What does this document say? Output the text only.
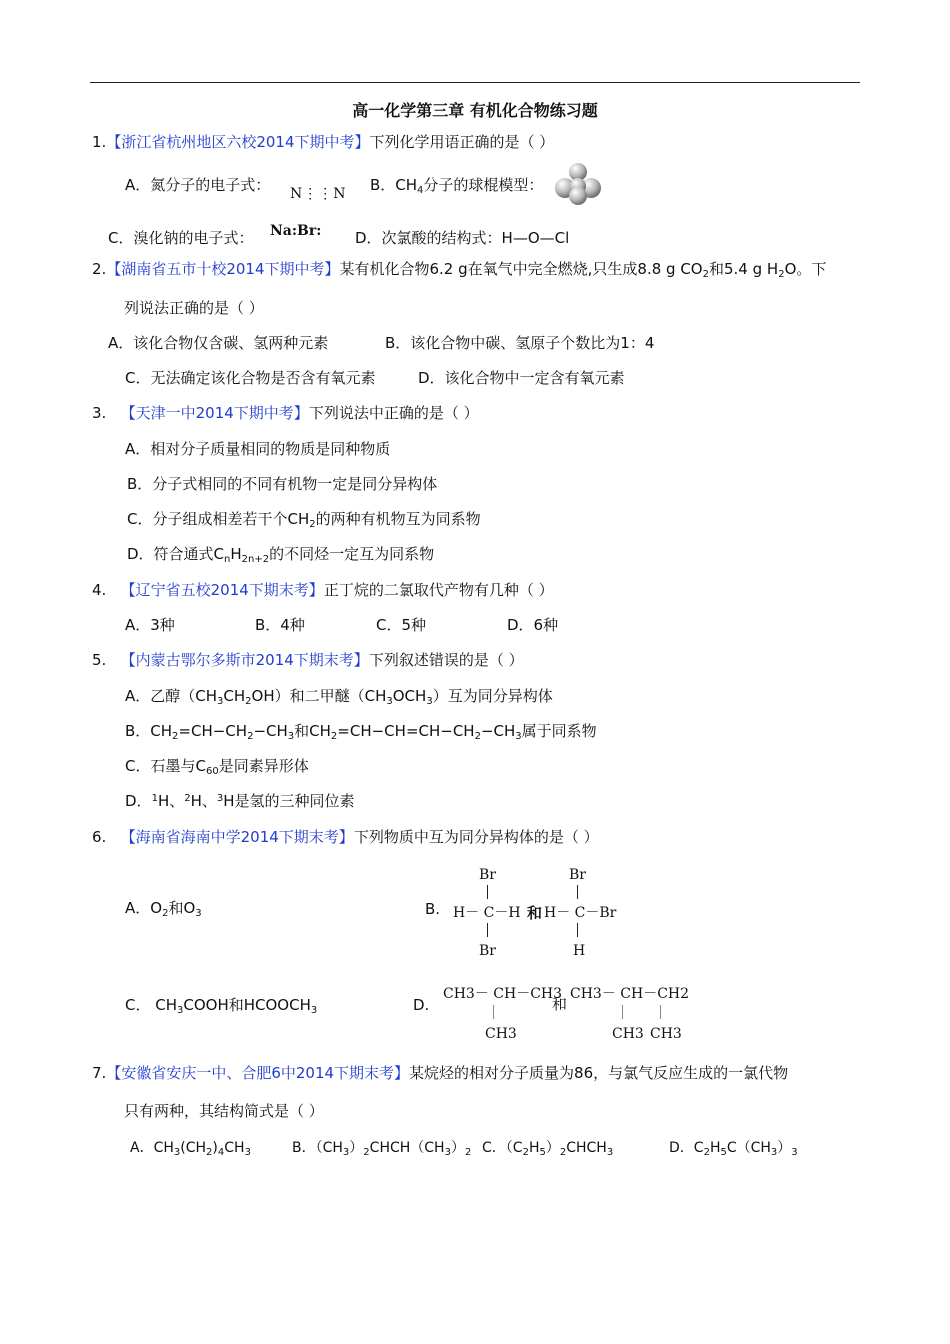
高一化学第三章 有机化合物练习题
1.【浙江省杭州地区六校2014下期中考】下列化学用语正确的是（ ）
A．氮分子的电子式： N⋮⋮N B．$CH_4$分子的球棍模型：
C．溴化钠的电子式： Na:Br: D．次氯酸的结构式：H—O—Cl
2.【湖南省五市十校2014下期中考】某有机化合物6.2 g在氧气中完全燃烧,只生成8.8 g $CO_2$和5.4 g $H_2O$。下
列说法正确的是（ ）
A．该化合物仅含碳、氢两种元素	B．该化合物中碳、氢原子个数比为1：4
C．无法确定该化合物是否含有氧元素	D．该化合物中一定含有氧元素
3. 【天津一中2014下期中考】下列说法中正确的是（ ）
A．相对分子质量相同的物质是同种物质
B．分子式相同的不同有机物一定是同分异构体
C．分子组成相差若干个$CH_2$的两种有机物互为同系物
D．符合通式$C_nH_{2n+2}$的不同烃一定互为同系物
4. 【辽宁省五校2014下期末考】正丁烷的二氯取代产物有几种（ ）
A．3种	B．4种	C．5种	D．6种
5. 【内蒙古鄂尔多斯市2014下期末考】下列叙述错误的是（ ）
A．乙醇$(CH_3CH_2OH)$和二甲醚$(CH_3OCH_3)$互为同分异构体
B．$CH_2=CH-CH_2-CH_3$和$CH_2=CH-CH=CH-CH_2-CH_3$属于同系物
C．石墨与$C_{60}$是同素异形体
D．$^1$H、$^2$H、$^3$H是氢的三种同位素
6. 【海南省海南中学2014下期末考】下列物质中互为同分异构体的是（ ）
A．$O_2$和$O_3$	B.
Br
H－ C－H
Br
和
Br
H－ C－Br
H
C． $CH_3COOH$和$HCOOCH_3$	D.
CH3－ CH－CH3
CH3
和
CH3－ CH－CH2
CH3 CH3
7.【安徽省安庆一中、合肥6中2014下期末考】某烷烃的相对分子质量为86，与氯气反应生成的一氯代物
只有两种，其结构简式是（ ）
A．$CH_3(CH_2)_4CH_3$	B．$(CH_3)_2CHCH(CH_3)_2$ C．$(C_2H_5)_2CHCH_3$	D．$C_2H_5C(CH_3)_3$
